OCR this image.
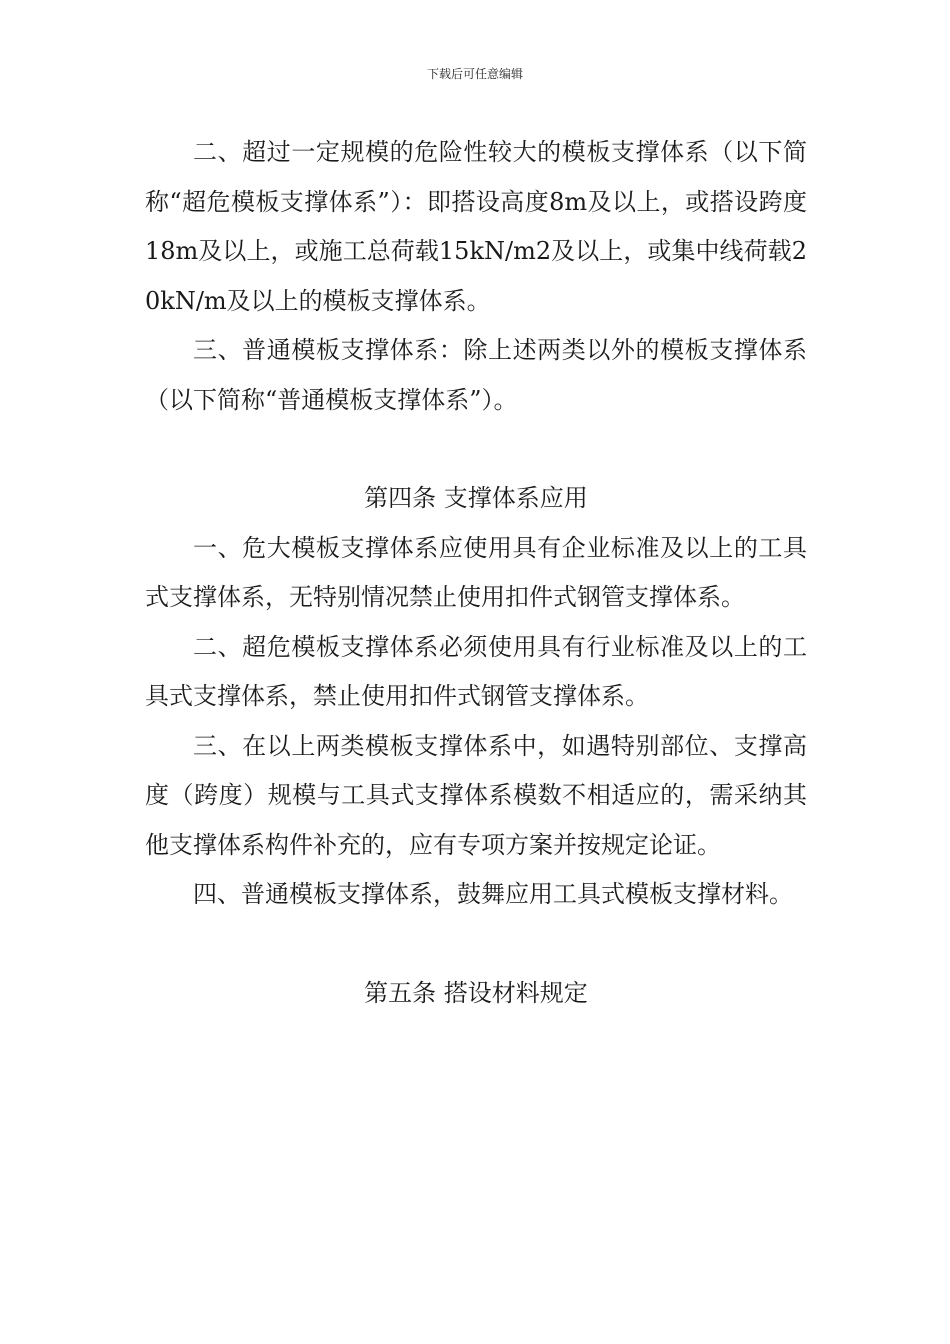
下载后可任意编辑

二、超过一定规模的危险性较大的模板支撑体系（以下简称“超危模板支撑体系”）：即搭设高度8m及以上，或搭设跨度18m及以上，或施工总荷载15kN/m2及以上，或集中线荷载20kN/m及以上的模板支撑体系。

三、普通模板支撑体系：除上述两类以外的模板支撑体系（以下简称“普通模板支撑体系”）。

第四条 支撑体系应用

一、危大模板支撑体系应使用具有企业标准及以上的工具式支撑体系，无特别情况禁止使用扣件式钢管支撑体系。

二、超危模板支撑体系必须使用具有行业标准及以上的工具式支撑体系，禁止使用扣件式钢管支撑体系。

三、在以上两类模板支撑体系中，如遇特别部位、支撑高度（跨度）规模与工具式支撑体系模数不相适应的，需采纳其他支撑体系构件补充的，应有专项方案并按规定论证。

四、普通模板支撑体系，鼓舞应用工具式模板支撑材料。

第五条 搭设材料规定
